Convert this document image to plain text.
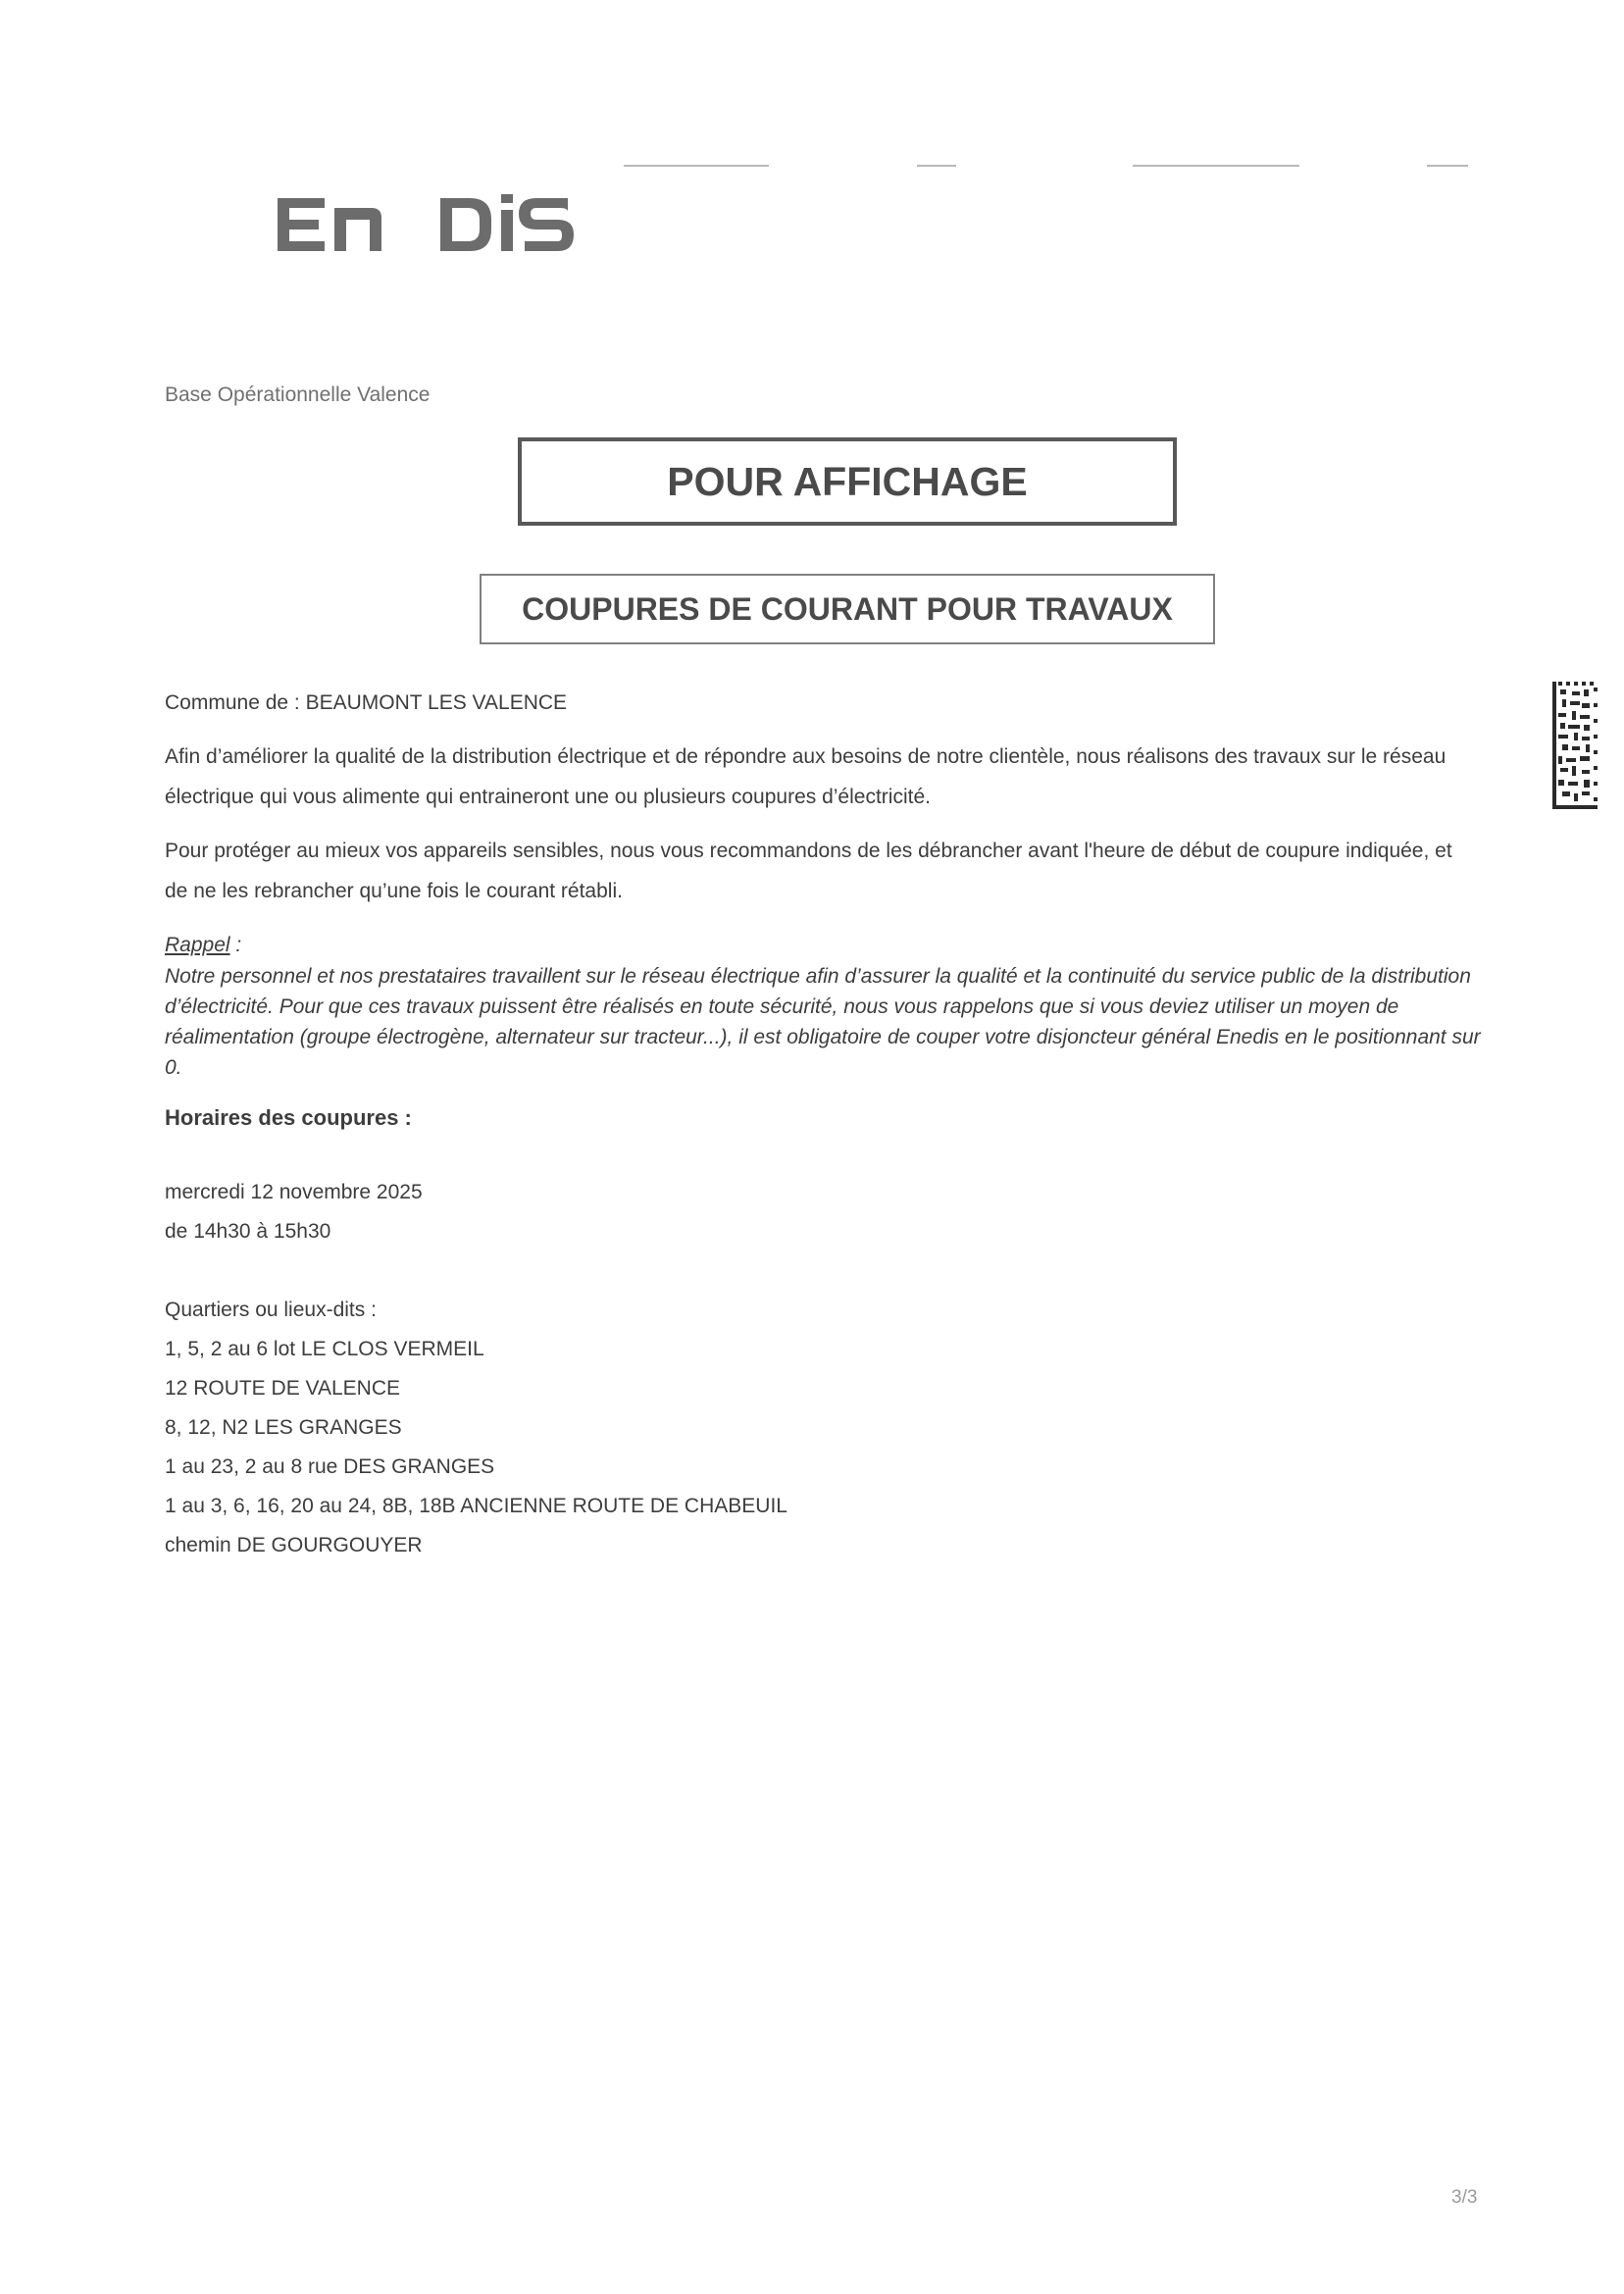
Base Opérationnelle Valence
POUR AFFICHAGE
COUPURES DE COURANT POUR TRAVAUX
Commune de : BEAUMONT LES VALENCE
Afin d’améliorer la qualité de la distribution électrique et de répondre aux besoins de notre clientèle, nous réalisons des travaux sur le réseau électrique qui vous alimente qui entraineront une ou plusieurs coupures d’électricité.
Pour protéger au mieux vos appareils sensibles, nous vous recommandons de les débrancher avant l'heure de début de coupure indiquée, et de ne les rebrancher qu’une fois le courant rétabli.
Rappel :
Notre personnel et nos prestataires travaillent sur le réseau électrique afin d’assurer la qualité et la continuité du service public de la distribution d’électricité. Pour que ces travaux puissent être réalisés en toute sécurité, nous vous rappelons que si vous deviez utiliser un moyen de réalimentation (groupe électrogène, alternateur sur tracteur...), il est obligatoire de couper votre disjoncteur général Enedis en le positionnant sur 0.
Horaires des coupures :
mercredi 12 novembre 2025
de 14h30 à 15h30
Quartiers ou lieux-dits :
1, 5, 2 au 6 lot LE CLOS VERMEIL
12 ROUTE DE VALENCE
8, 12, N2 LES GRANGES
1 au 23, 2 au 8 rue DES GRANGES
1 au 3, 6, 16, 20 au 24, 8B, 18B ANCIENNE ROUTE DE CHABEUIL
chemin DE GOURGOUYER
3/3
